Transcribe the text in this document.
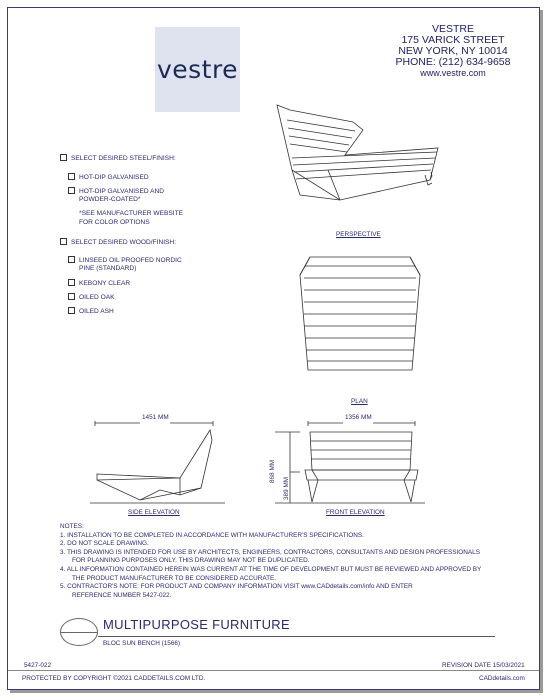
vestre
VESTRE
175 VARICK STREET
NEW YORK, NY 10014
PHONE: (212) 634-9658
www.vestre.com
SELECT DESIRED STEEL/FINISH:
HOT-DIP GALVANISED
HOT-DIP GALVANISED AND
POWDER-COATED*
*SEE MANUFACTURER WEBSITE
FOR COLOR OPTIONS
SELECT DESIRED WOOD/FINISH:
LINSEED OIL PROOFED NORDIC
PINE (STANDARD)
KEBONY CLEAR
OILED OAK
OILED ASH
PERSPECTIVE
PLAN
SIDE ELEVATION	FRONT ELEVATION
1451 MM	1356 MM
868 MM
389 MM
NOTES:
1. INSTALLATION TO BE COMPLETED IN ACCORDANCE WITH MANUFACTURER'S SPECIFICATIONS.
2. DO NOT SCALE DRAWING.
3. THIS DRAWING IS INTENDED FOR USE BY ARCHITECTS, ENGINEERS, CONTRACTORS, CONSULTANTS AND DESIGN PROFESSIONALS
FOR PLANNING PURPOSES ONLY. THIS DRAWING MAY NOT BE DUPLICATED.
4. ALL INFORMATION CONTAINED HEREIN WAS CURRENT AT THE TIME OF DEVELOPMENT BUT MUST BE REVIEWED AND APPROVED BY
THE PRODUCT MANUFACTURER TO BE CONSIDERED ACCURATE.
5. CONTRACTOR'S NOTE: FOR PRODUCT AND COMPANY INFORMATION VISIT www.CADdetails.com/info AND ENTER
REFERENCE NUMBER 5427-022.
MULTIPURPOSE FURNITURE
BLOC SUN BENCH (1566)
5427-022	REVISION DATE 15/03/2021
PROTECTED BY COPYRIGHT ©2021 CADDETAILS.COM LTD.	CADdetails.com
